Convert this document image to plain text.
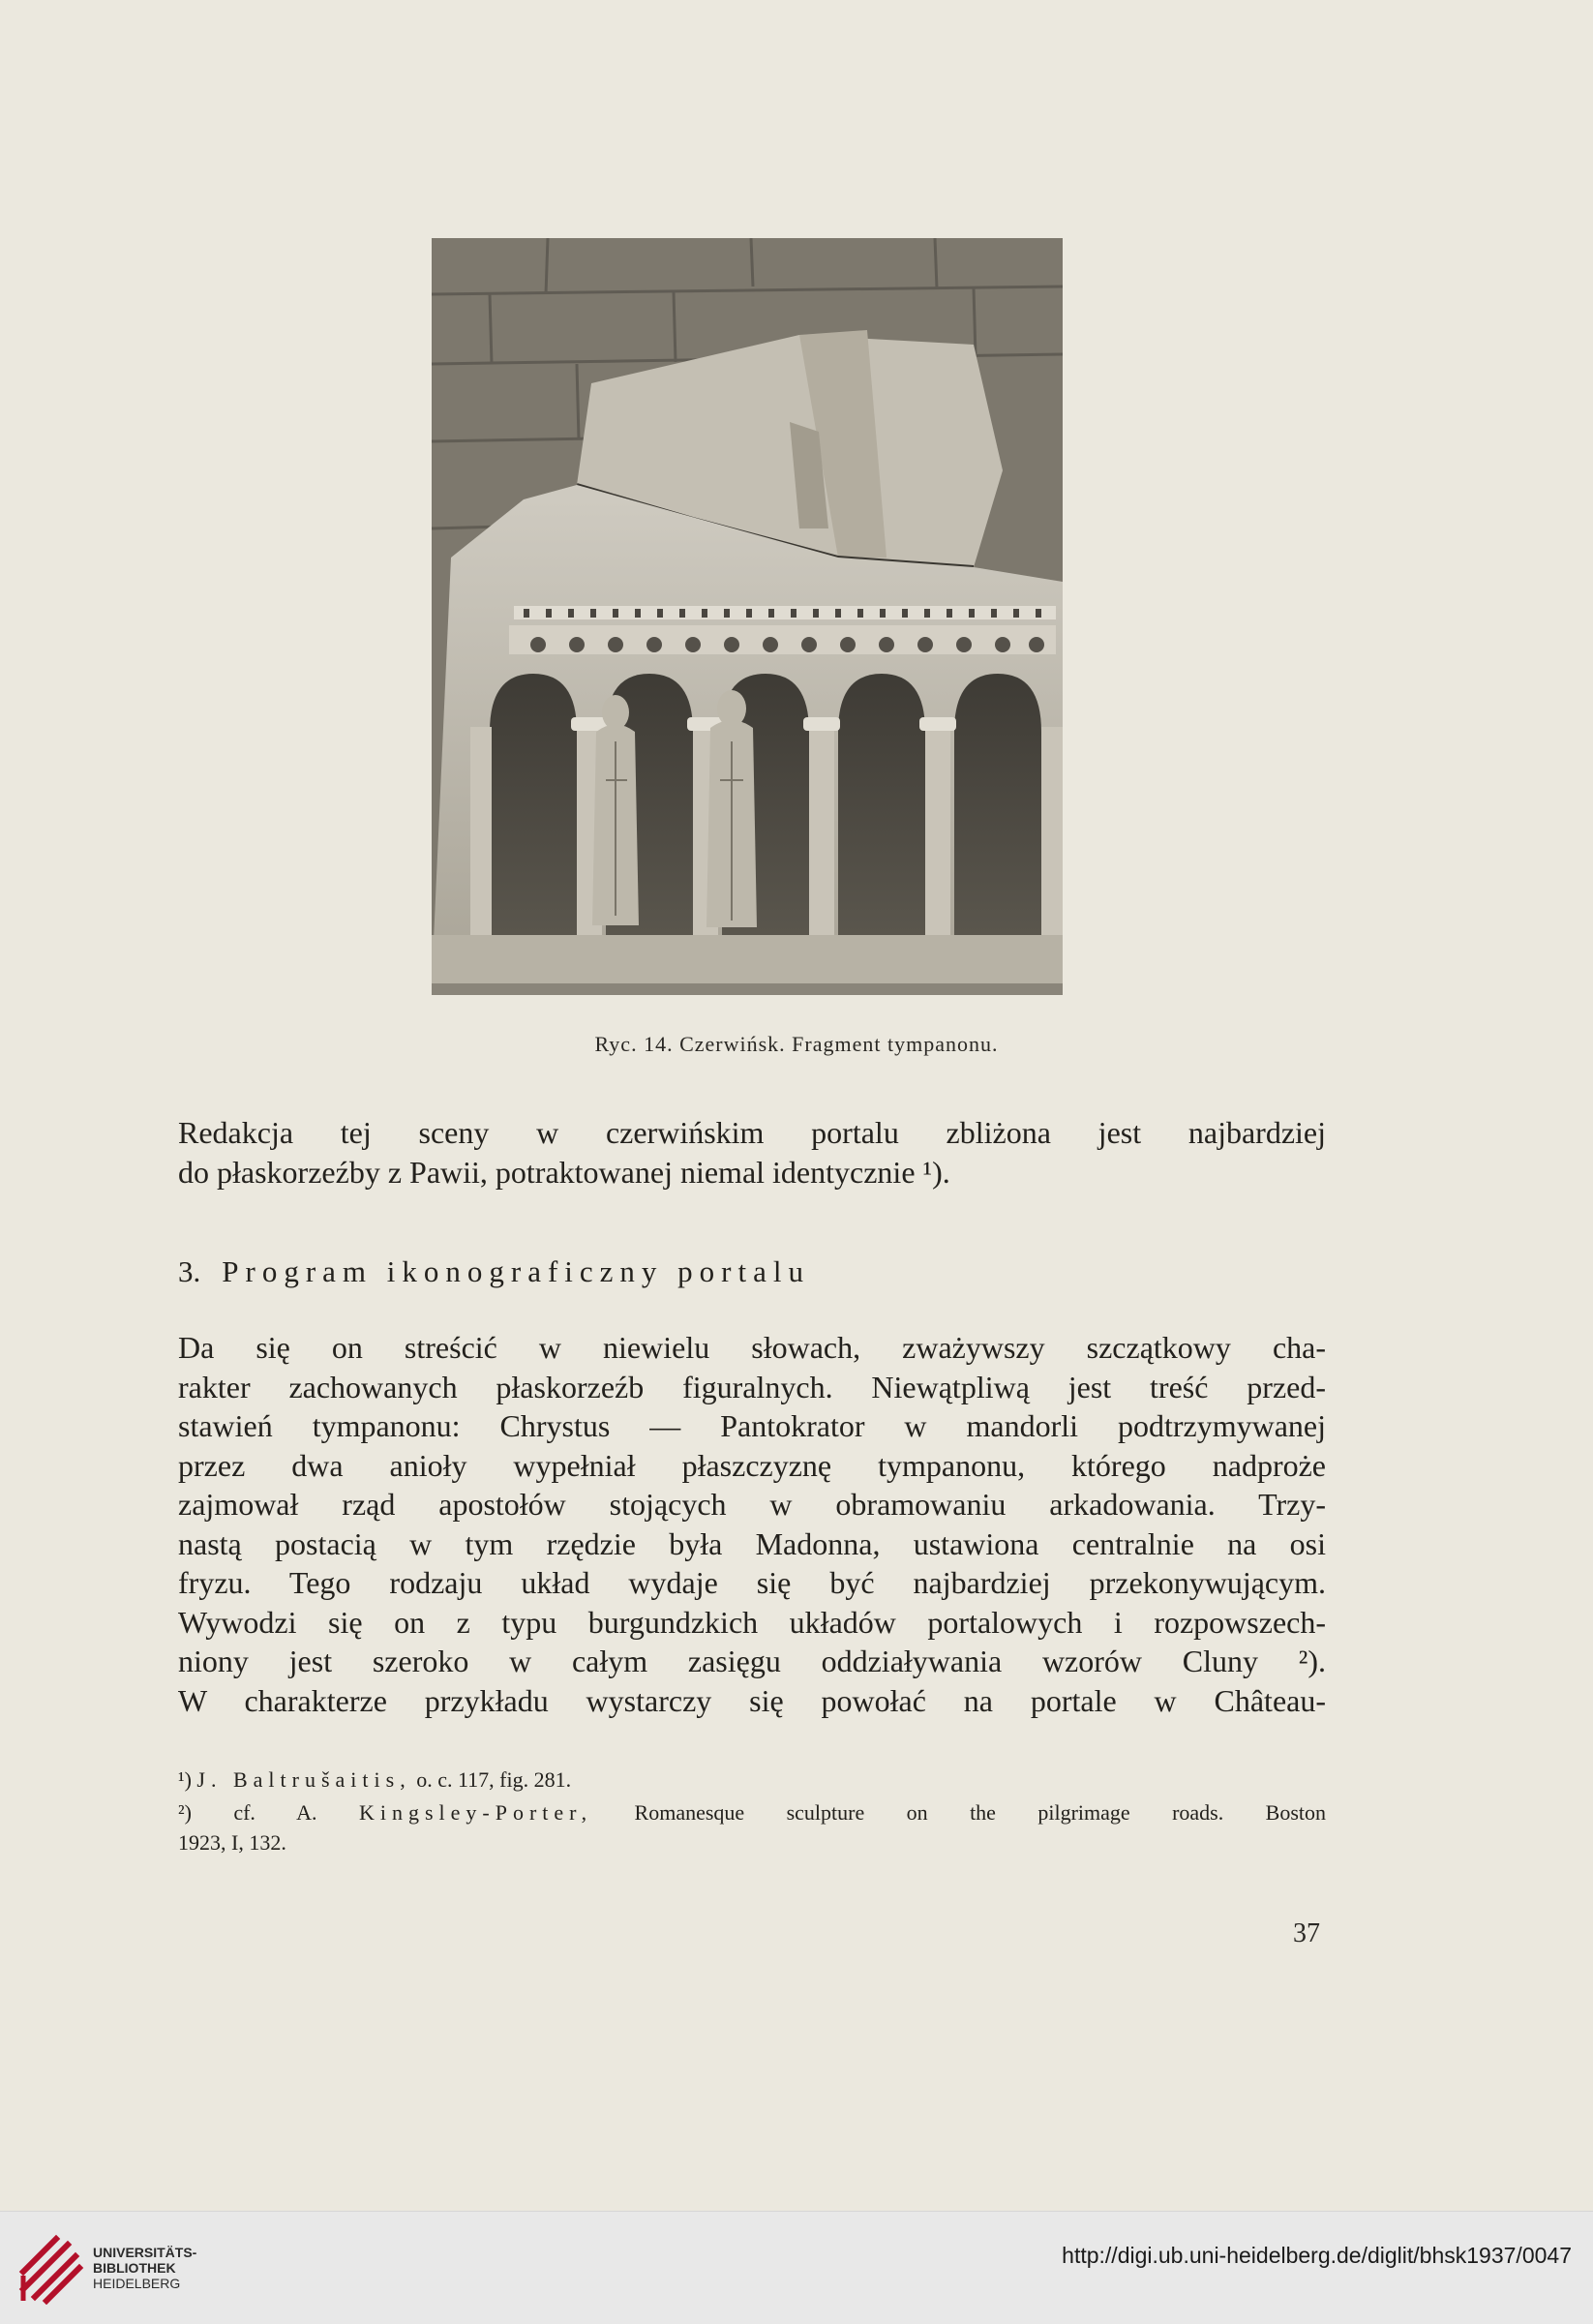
Ryc. 14. Czerwińsk. Fragment tympanonu.
Redakcja tej sceny w czerwińskim portalu zbliżona jest najbardziej
do płaskorzeźby z Pawii, potraktowanej niemal identycznie ¹).
3. Program ikonograficzny portalu
Da się on streścić w niewielu słowach, zważywszy szczątkowy cha-
rakter zachowanych płaskorzeźb figuralnych. Niewątpliwą jest treść przed-
stawień tympanonu: Chrystus — Pantokrator w mandorli podtrzymywanej
przez dwa anioły wypełniał płaszczyznę tympanonu, którego nadproże
zajmował rząd apostołów stojących w obramowaniu arkadowania. Trzy-
nastą postacią w tym rzędzie była Madonna, ustawiona centralnie na osi
fryzu. Tego rodzaju układ wydaje się być najbardziej przekonywującym.
Wywodzi się on z typu burgundzkich układów portalowych i rozpowszech-
niony jest szeroko w całym zasięgu oddziaływania wzorów Cluny ²).
W charakterze przykładu wystarczy się powołać na portale w Château-
¹) J. Baltrušaitis, o. c. 117, fig. 281.
²) cf. A. Kingsley-Porter, Romanesque sculpture on the pilgrimage roads. Boston
1923, I, 132.
37
UNIVERSITÄTS-
BIBLIOTHEK
HEIDELBERG
http://digi.ub.uni-heidelberg.de/diglit/bhsk1937/0047
